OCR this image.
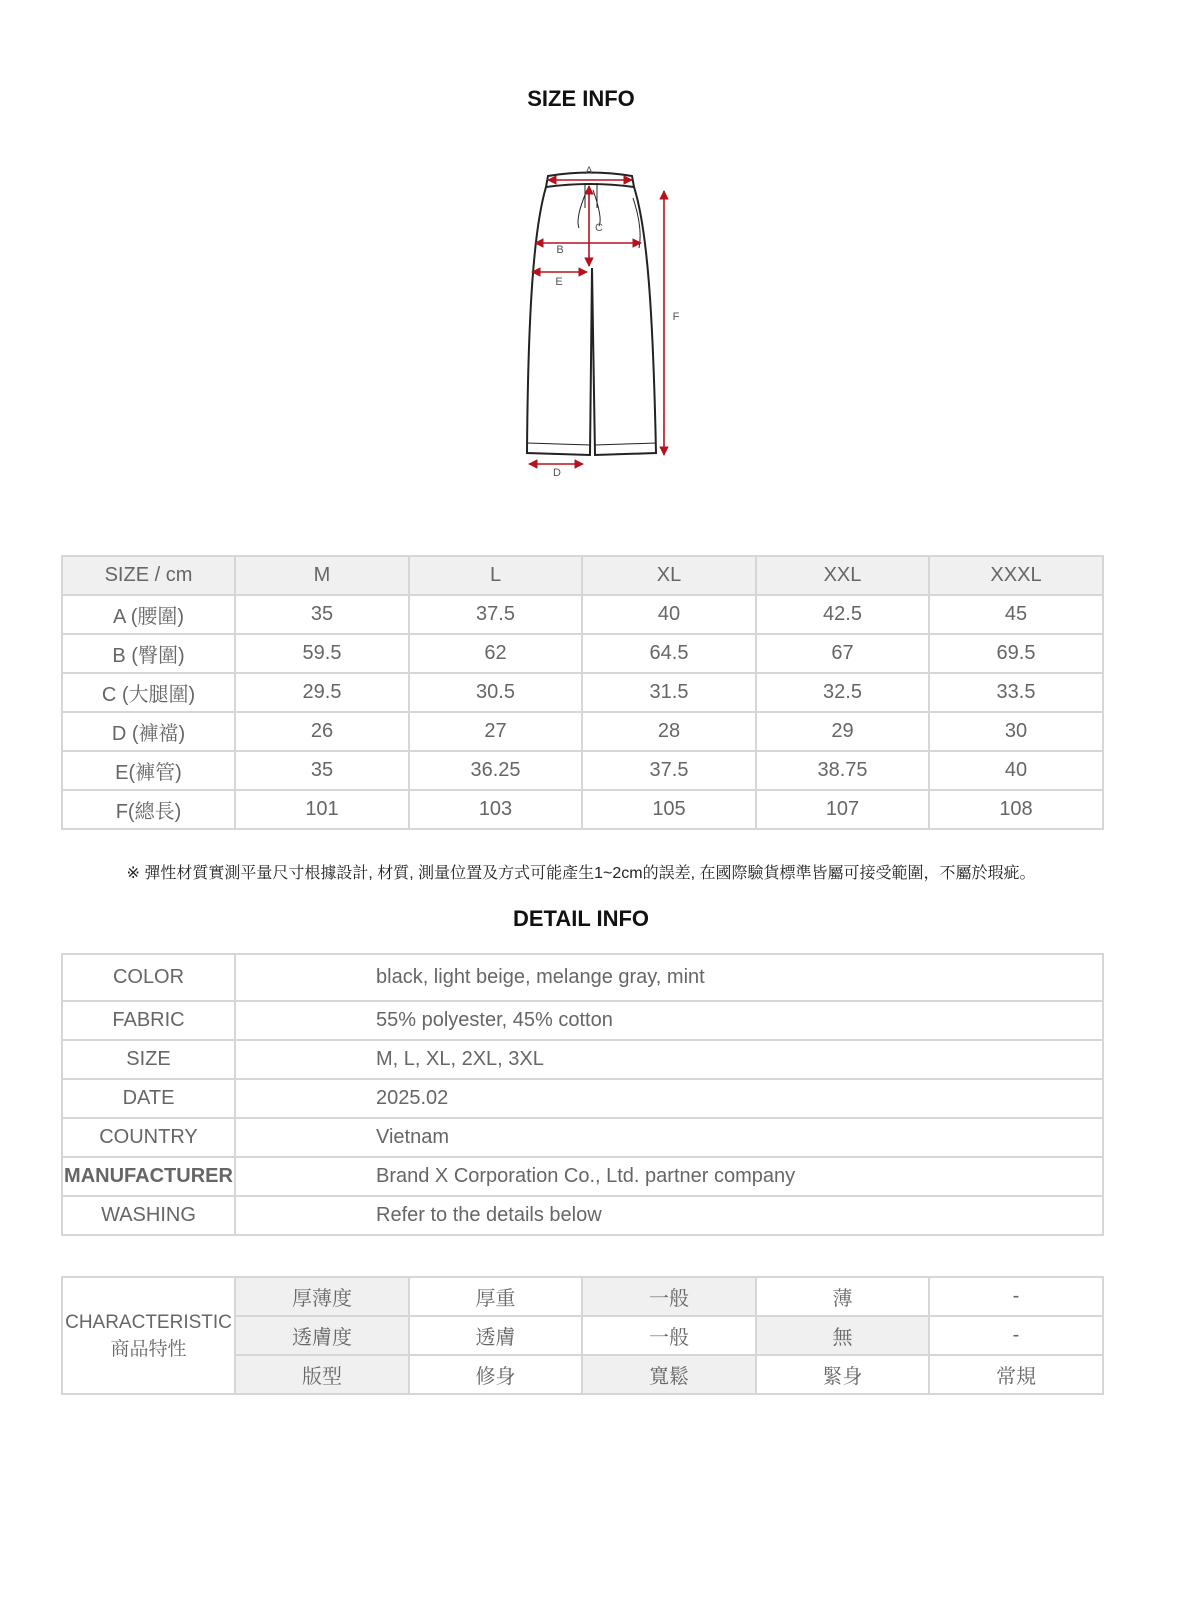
SIZE INFO
A
C
B
E
D
F
SIZE / cm	M	L	XL	XXL	XXXL
A (腰圍)	35	37.5	40	42.5	45
B (臀圍)	59.5	62	64.5	67	69.5
C (大腿圍)	29.5	30.5	31.5	32.5	33.5
D (褲襠)	26	27	28	29	30
E(褲管)	35	36.25	37.5	38.75	40
F(總長)	101	103	105	107	108
※ 彈性材質實測平量尺寸根據設計, 材質, 測量位置及方式可能產生1~2cm的誤差, 在國際驗貨標準皆屬可接受範圍，不屬於瑕疵。
DETAIL INFO
COLOR	black, light beige, melange gray, mint
FABRIC	55% polyester, 45% cotton
SIZE	M, L, XL, 2XL, 3XL
DATE	2025.02
COUNTRY	Vietnam
MANUFACTURER	Brand X Corporation Co., Ltd. partner company
WASHING	Refer to the details below
CHARACTERISTIC
商品特性	厚薄度	厚重	一般	薄	-
	透膚度	透膚	一般	無	-
	版型	修身	寬鬆	緊身	常規
